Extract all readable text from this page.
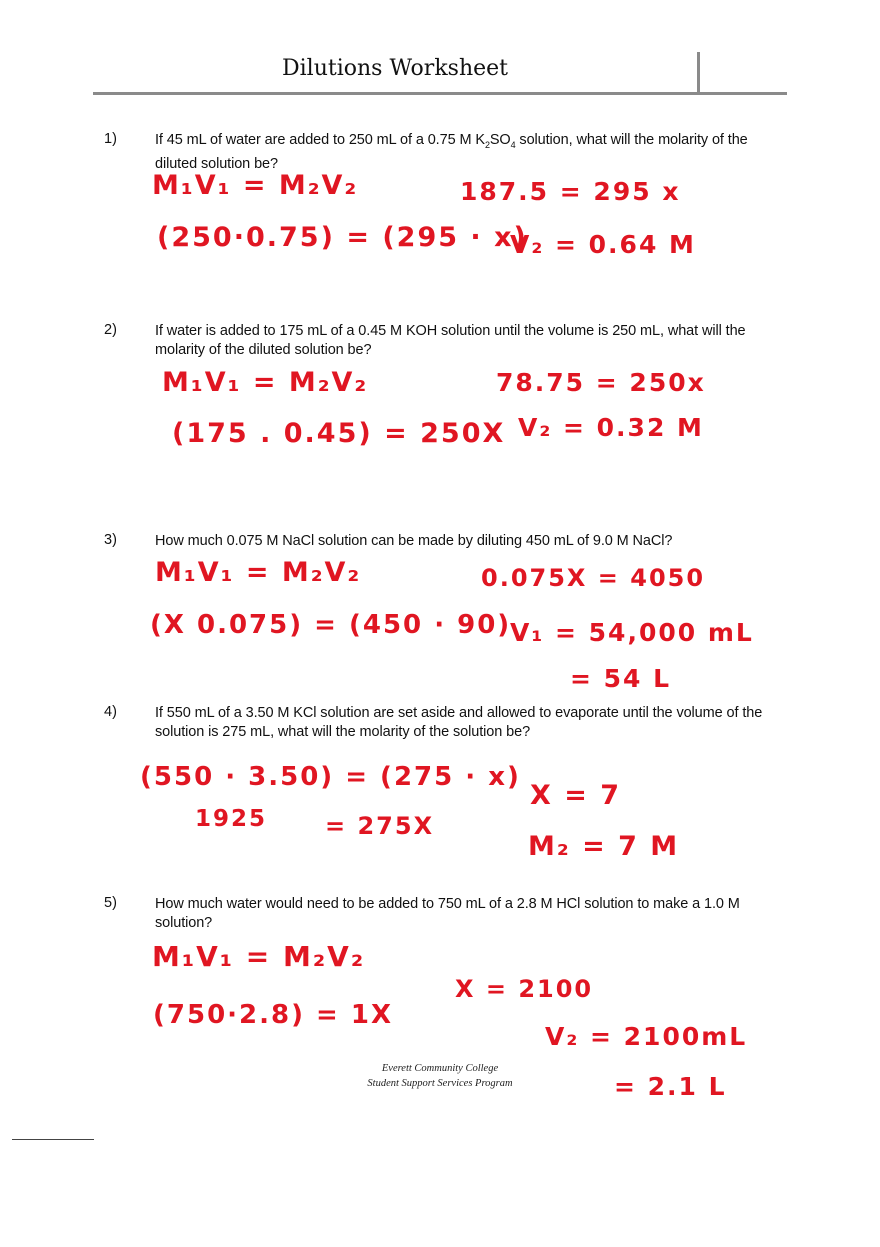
Dilutions Worksheet
1)	If 45 mL of water are added to 250 mL of a 0.75 M $K_2SO_4$ solution, what will the molarity of the diluted solution be?
M₁V₁ = M₂V₂
(250·0.75) = (295 · x)
187.5 = 295 x
V₂ = 0.64 M
2)	If water is added to 175 mL of a 0.45 M KOH solution until the volume is 250 mL, what will the molarity of the diluted solution be?
M₁V₁ = M₂V₂
(175 . 0.45) = 250X
78.75 = 250x
V₂ = 0.32 M
3)	How much 0.075 M NaCl solution can be made by diluting 450 mL of 9.0 M NaCl?
M₁V₁ = M₂V₂
(X 0.075) = (450 · 90)
0.075X = 4050
V₁ = 54,000 mL
= 54 L
4)	If 550 mL of a 3.50 M KCl solution are set aside and allowed to evaporate until the volume of the solution is 275 mL, what will the molarity of the solution be?
(550 · 3.50) = (275 · x)
1925 = 275X
X = 7
M₂ = 7 M
5)	How much water would need to be added to 750 mL of a 2.8 M HCl solution to make a 1.0 M solution?
M₁V₁ = M₂V₂
(750·2.8) = 1X
X = 2100
V₂ = 2100mL
= 2.1 L
Everett Community College
Student Support Services Program
